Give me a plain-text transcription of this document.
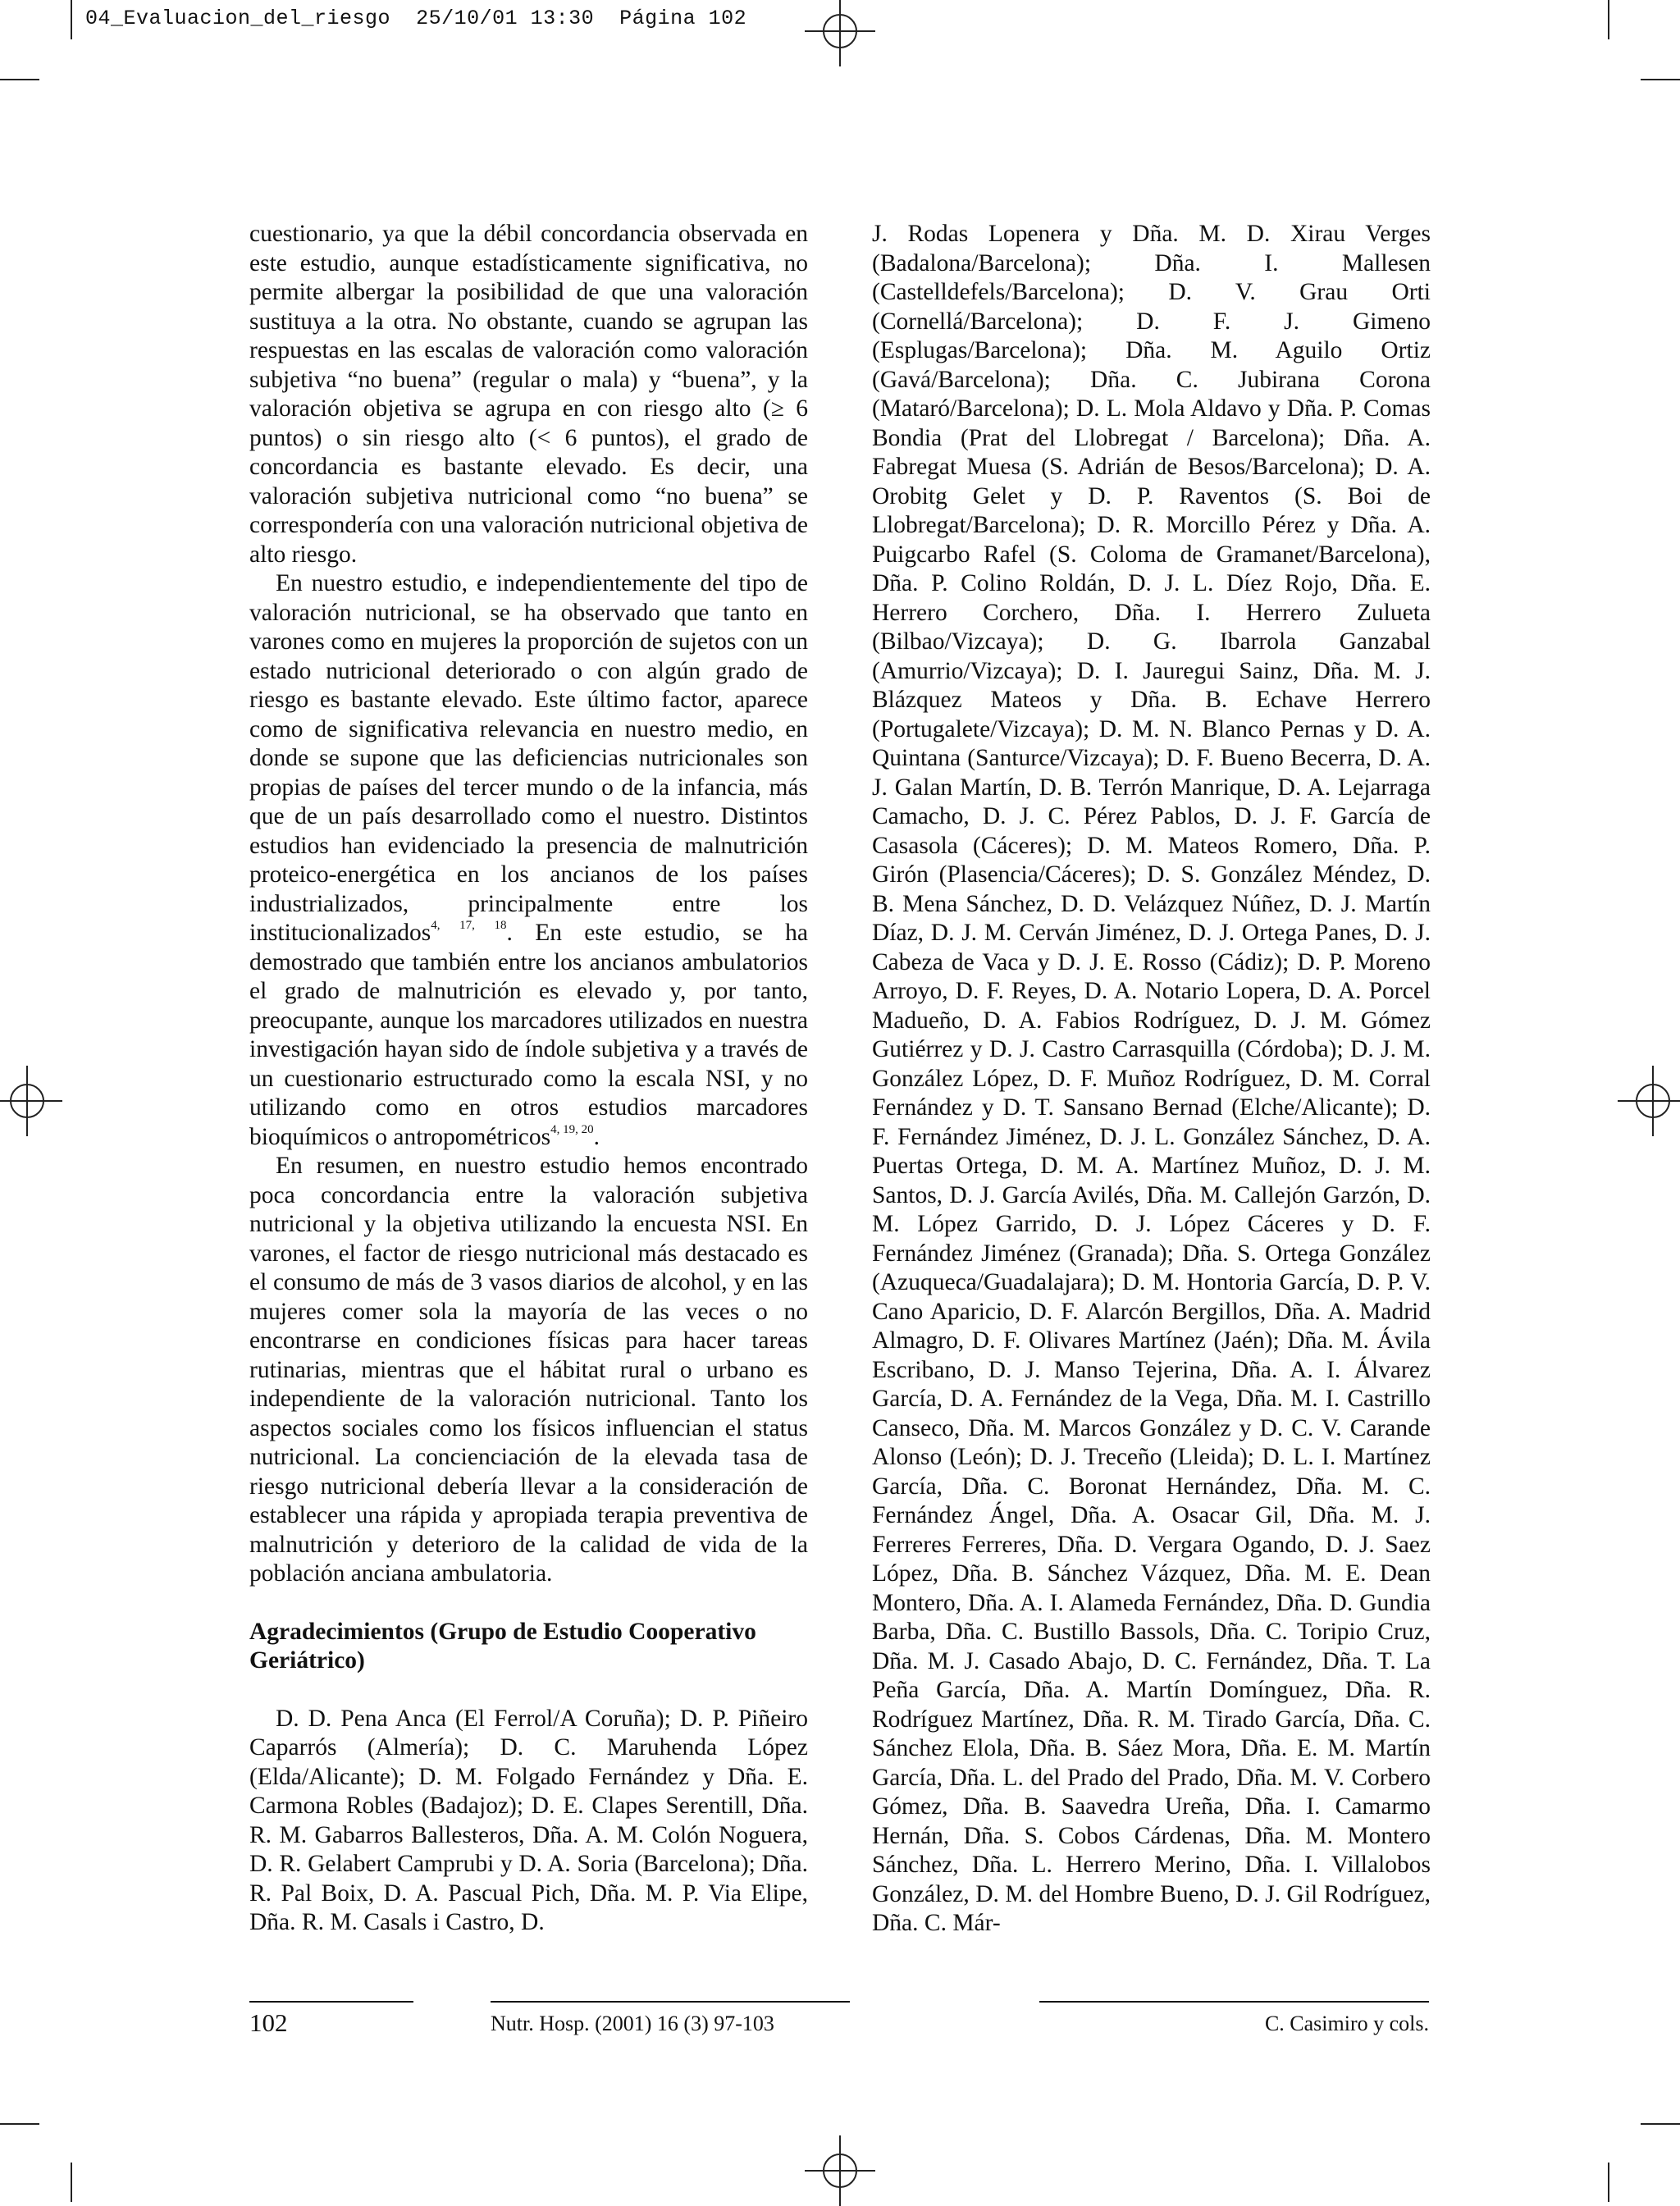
04_Evaluacion_del_riesgo  25/10/01 13:30  Página 102

cuestionario, ya que la débil concordancia observada en este estudio, aunque estadísticamente significativa, no permite albergar la posibilidad de que una valoración sustituya a la otra. No obstante, cuando se agrupan las respuestas en las escalas de valoración como valoración subjetiva “no buena” (regular o mala) y “buena”, y la valoración objetiva se agrupa en con riesgo alto (≥ 6 puntos) o sin riesgo alto (< 6 puntos), el grado de concordancia es bastante elevado. Es decir, una valoración subjetiva nutricional como “no buena” se correspondería con una valoración nutricional objetiva de alto riesgo.

En nuestro estudio, e independientemente del tipo de valoración nutricional, se ha observado que tanto en varones como en mujeres la proporción de sujetos con un estado nutricional deteriorado o con algún grado de riesgo es bastante elevado. Este último factor, aparece como de significativa relevancia en nuestro medio, en donde se supone que las deficiencias nutricionales son propias de países del tercer mundo o de la infancia, más que de un país desarrollado como el nuestro. Distintos estudios han evidenciado la presencia de malnutrición proteico-energética en los ancianos de los países industrializados, principalmente entre los institucionalizados$^{4, 17, 18}$. En este estudio, se ha demostrado que también entre los ancianos ambulatorios el grado de malnutrición es elevado y, por tanto, preocupante, aunque los marcadores utilizados en nuestra investigación hayan sido de índole subjetiva y a través de un cuestionario estructurado como la escala NSI, y no utilizando como en otros estudios marcadores bioquímicos o antropométricos$^{4, 19, 20}$.

En resumen, en nuestro estudio hemos encontrado poca concordancia entre la valoración subjetiva nutricional y la objetiva utilizando la encuesta NSI. En varones, el factor de riesgo nutricional más destacado es el consumo de más de 3 vasos diarios de alcohol, y en las mujeres comer sola la mayoría de las veces o no encontrarse en condiciones físicas para hacer tareas rutinarias, mientras que el hábitat rural o urbano es independiente de la valoración nutricional. Tanto los aspectos sociales como los físicos influencian el status nutricional. La concienciación de la elevada tasa de riesgo nutricional debería llevar a la consideración de establecer una rápida y apropiada terapia preventiva de malnutrición y deterioro de la calidad de vida de la población anciana ambulatoria.

Agradecimientos (Grupo de Estudio Cooperativo Geriátrico)

D. D. Pena Anca (El Ferrol/A Coruña); D. P. Piñeiro Caparrós (Almería); D. C. Maruhenda López (Elda/Alicante); D. M. Folgado Fernández y Dña. E. Carmona Robles (Badajoz); D. E. Clapes Serentill, Dña. R. M. Gabarros Ballesteros, Dña. A. M. Colón Noguera, D. R. Gelabert Camprubi y D. A. Soria (Barcelona); Dña. R. Pal Boix, D. A. Pascual Pich, Dña. M. P. Via Elipe, Dña. R. M. Casals i Castro, D.

J. Rodas Lopenera y Dña. M. D. Xirau Verges (Badalona/Barcelona); Dña. I. Mallesen (Castelldefels/Barcelona); D. V. Grau Orti (Cornellá/Barcelona); D. F. J. Gimeno (Esplugas/Barcelona); Dña. M. Aguilo Ortiz (Gavá/Barcelona); Dña. C. Jubirana Corona (Mataró/Barcelona); D. L. Mola Aldavo y Dña. P. Comas Bondia (Prat del Llobregat / Barcelona); Dña. A. Fabregat Muesa (S. Adrián de Besos/Barcelona); D. A. Orobitg Gelet y D. P. Raventos (S. Boi de Llobregat/Barcelona); D. R. Morcillo Pérez y Dña. A. Puigcarbo Rafel (S. Coloma de Gramanet/Barcelona), Dña. P. Colino Roldán, D. J. L. Díez Rojo, Dña. E. Herrero Corchero, Dña. I. Herrero Zulueta (Bilbao/Vizcaya); D. G. Ibarrola Ganzabal (Amurrio/Vizcaya); D. I. Jauregui Sainz, Dña. M. J. Blázquez Mateos y Dña. B. Echave Herrero (Portugalete/Vizcaya); D. M. N. Blanco Pernas y D. A. Quintana (Santurce/Vizcaya); D. F. Bueno Becerra, D. A. J. Galan Martín, D. B. Terrón Manrique, D. A. Lejarraga Camacho, D. J. C. Pérez Pablos, D. J. F. García de Casasola (Cáceres); D. M. Mateos Romero, Dña. P. Girón (Plasencia/Cáceres); D. S. González Méndez, D. B. Mena Sánchez, D. D. Velázquez Núñez, D. J. Martín Díaz, D. J. M. Cerván Jiménez, D. J. Ortega Panes, D. J. Cabeza de Vaca y D. J. E. Rosso (Cádiz); D. P. Moreno Arroyo, D. F. Reyes, D. A. Notario Lopera, D. A. Porcel Madueño, D. A. Fabios Rodríguez, D. J. M. Gómez Gutiérrez y D. J. Castro Carrasquilla (Córdoba); D. J. M. González López, D. F. Muñoz Rodríguez, D. M. Corral Fernández y D. T. Sansano Bernad (Elche/Alicante); D. F. Fernández Jiménez, D. J. L. González Sánchez, D. A. Puertas Ortega, D. M. A. Martínez Muñoz, D. J. M. Santos, D. J. García Avilés, Dña. M. Callejón Garzón, D. M. López Garrido, D. J. López Cáceres y D. F. Fernández Jiménez (Granada); Dña. S. Ortega González (Azuqueca/Guadalajara); D. M. Hontoria García, D. P. V. Cano Aparicio, D. F. Alarcón Bergillos, Dña. A. Madrid Almagro, D. F. Olivares Martínez (Jaén); Dña. M. Ávila Escribano, D. J. Manso Tejerina, Dña. A. I. Álvarez García, D. A. Fernández de la Vega, Dña. M. I. Castrillo Canseco, Dña. M. Marcos González y D. C. V. Carande Alonso (León); D. J. Treceño (Lleida); D. L. I. Martínez García, Dña. C. Boronat Hernández, Dña. M. C. Fernández Ángel, Dña. A. Osacar Gil, Dña. M. J. Ferreres Ferreres, Dña. D. Vergara Ogando, D. J. Saez López, Dña. B. Sánchez Vázquez, Dña. M. E. Dean Montero, Dña. A. I. Alameda Fernández, Dña. D. Gundia Barba, Dña. C. Bustillo Bassols, Dña. C. Toripio Cruz, Dña. M. J. Casado Abajo, D. C. Fernández, Dña. T. La Peña García, Dña. A. Martín Domínguez, Dña. R. Rodríguez Martínez, Dña. R. M. Tirado García, Dña. C. Sánchez Elola, Dña. B. Sáez Mora, Dña. E. M. Martín García, Dña. L. del Prado del Prado, Dña. M. V. Corbero Gómez, Dña. B. Saavedra Ureña, Dña. I. Camarmo Hernán, Dña. S. Cobos Cárdenas, Dña. M. Montero Sánchez, Dña. L. Herrero Merino, Dña. I. Villalobos González, D. M. del Hombre Bueno, D. J. Gil Rodríguez, Dña. C. Már-

102	Nutr. Hosp. (2001) 16 (3) 97-103	C. Casimiro y cols.
